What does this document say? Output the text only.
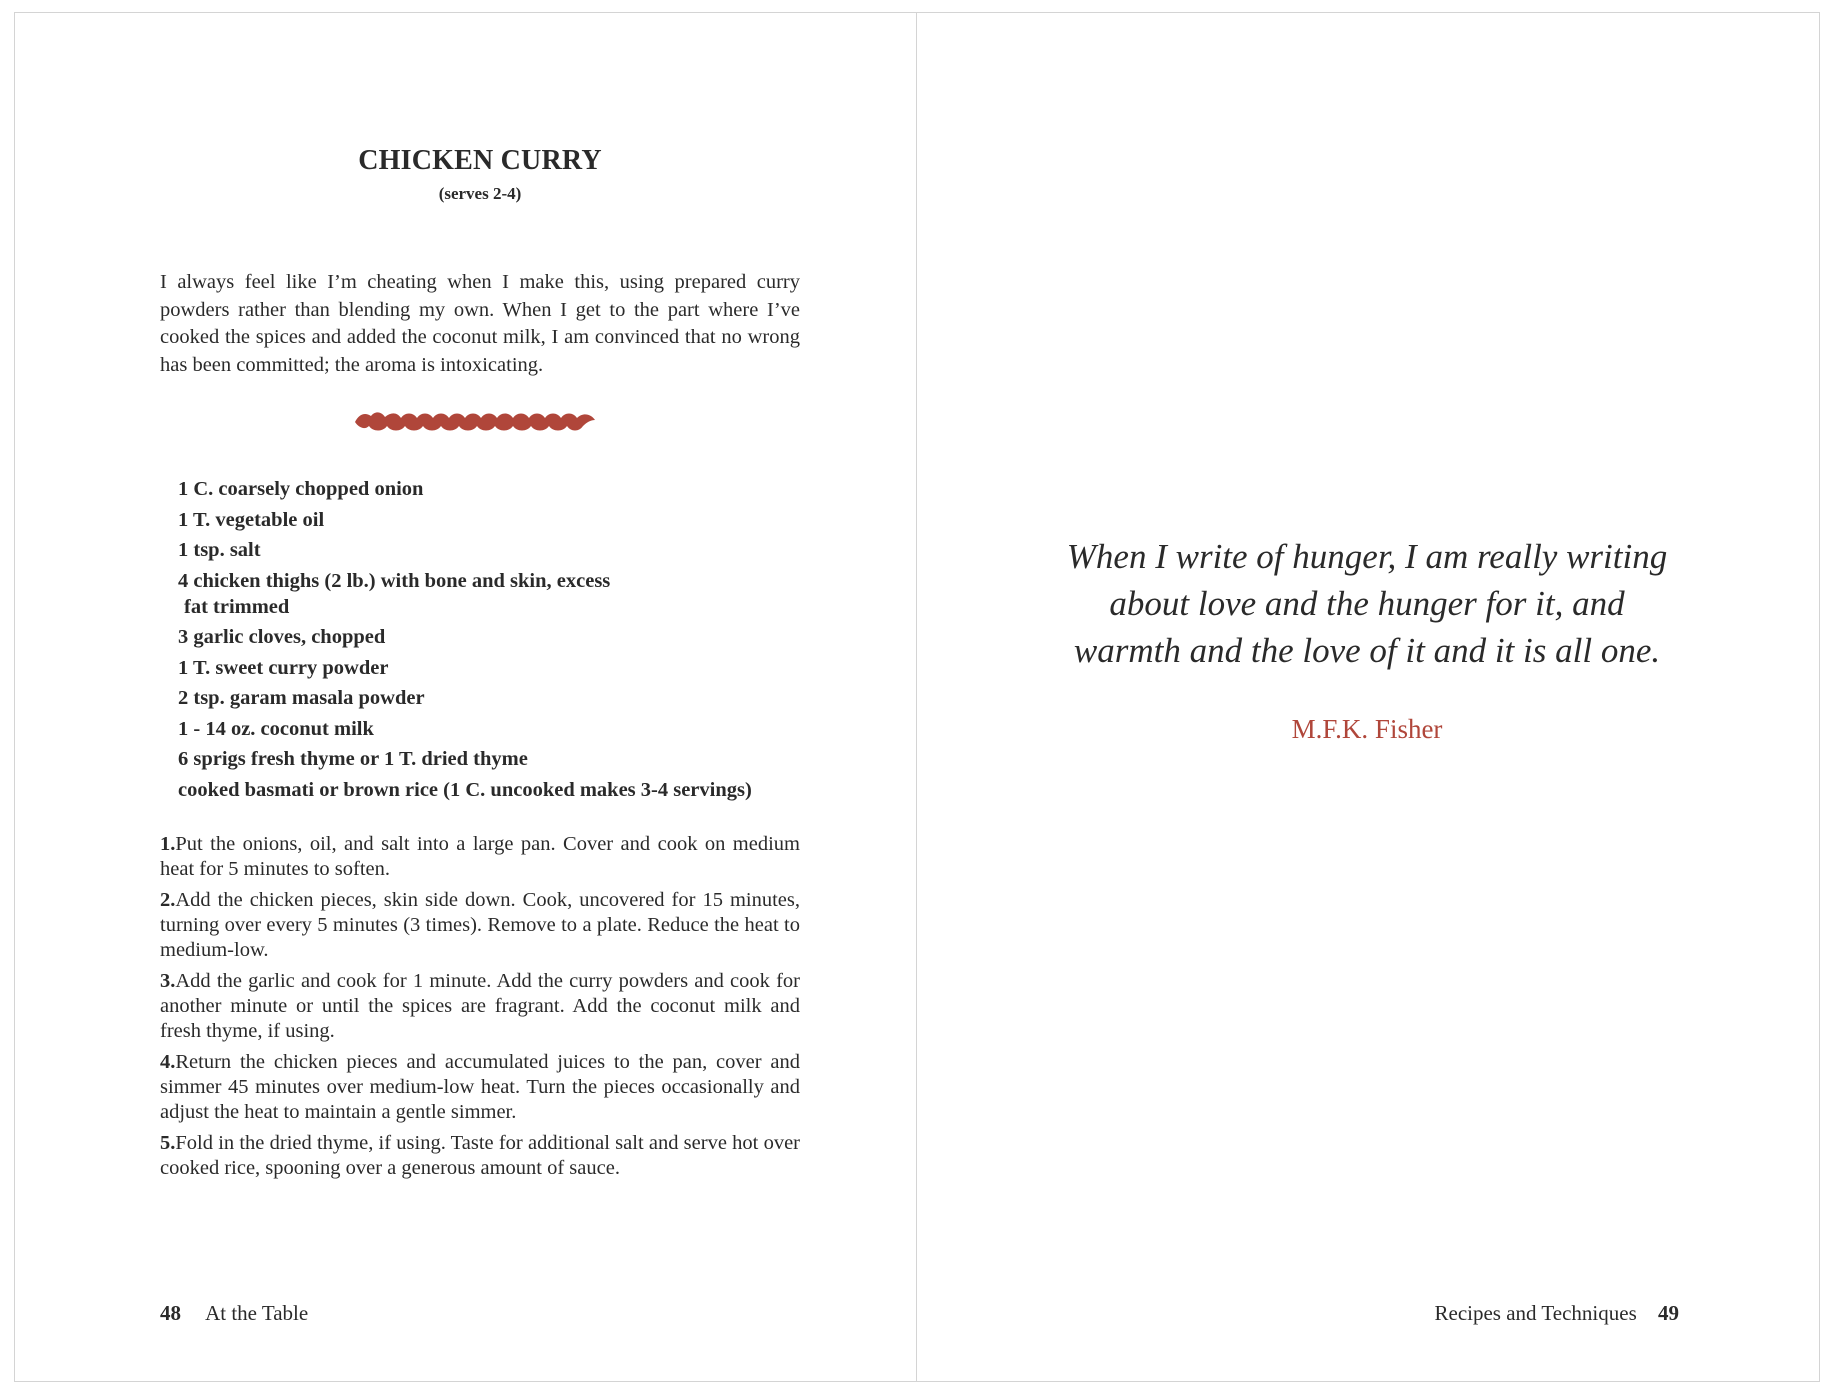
CHICKEN CURRY
(serves 2-4)

I always feel like I’m cheating when I make this, using prepared curry powders rather than blending my own. When I get to the part where I’ve cooked the spices and added the coconut milk, I am convinced that no wrong has been committed; the aroma is intoxicating.

1 C. coarsely chopped onion
1 T. vegetable oil
1 tsp. salt
4 chicken thighs (2 lb.) with bone and skin, excess
fat trimmed
3 garlic cloves, chopped
1 T. sweet curry powder
2 tsp. garam masala powder
1 - 14 oz. coconut milk
6 sprigs fresh thyme or 1 T. dried thyme
cooked basmati or brown rice (1 C. uncooked makes 3-4 servings)
1.Put the onions, oil, and salt into a large pan. Cover and cook on medium heat for 5 minutes to soften.
2.Add the chicken pieces, skin side down. Cook, uncovered for 15 minutes, turning over every 5 minutes (3 times). Remove to a plate. Reduce the heat to medium-low.
3.Add the garlic and cook for 1 minute. Add the curry powders and cook for another minute or until the spices are fragrant. Add the coconut milk and fresh thyme, if using.
4.Return the chicken pieces and accumulated juices to the pan, cover and simmer 45 minutes over medium-low heat. Turn the pieces occasionally and adjust the heat to maintain a gentle simmer.
5.Fold in the dried thyme, if using. Taste for additional salt and serve hot over cooked rice, spooning over a generous amount of sauce.
48 At the Table

When I write of hunger, I am really writing
about love and the hunger for it, and
warmth and the love of it and it is all one.

M.F.K. Fisher
Recipes and Techniques 49
